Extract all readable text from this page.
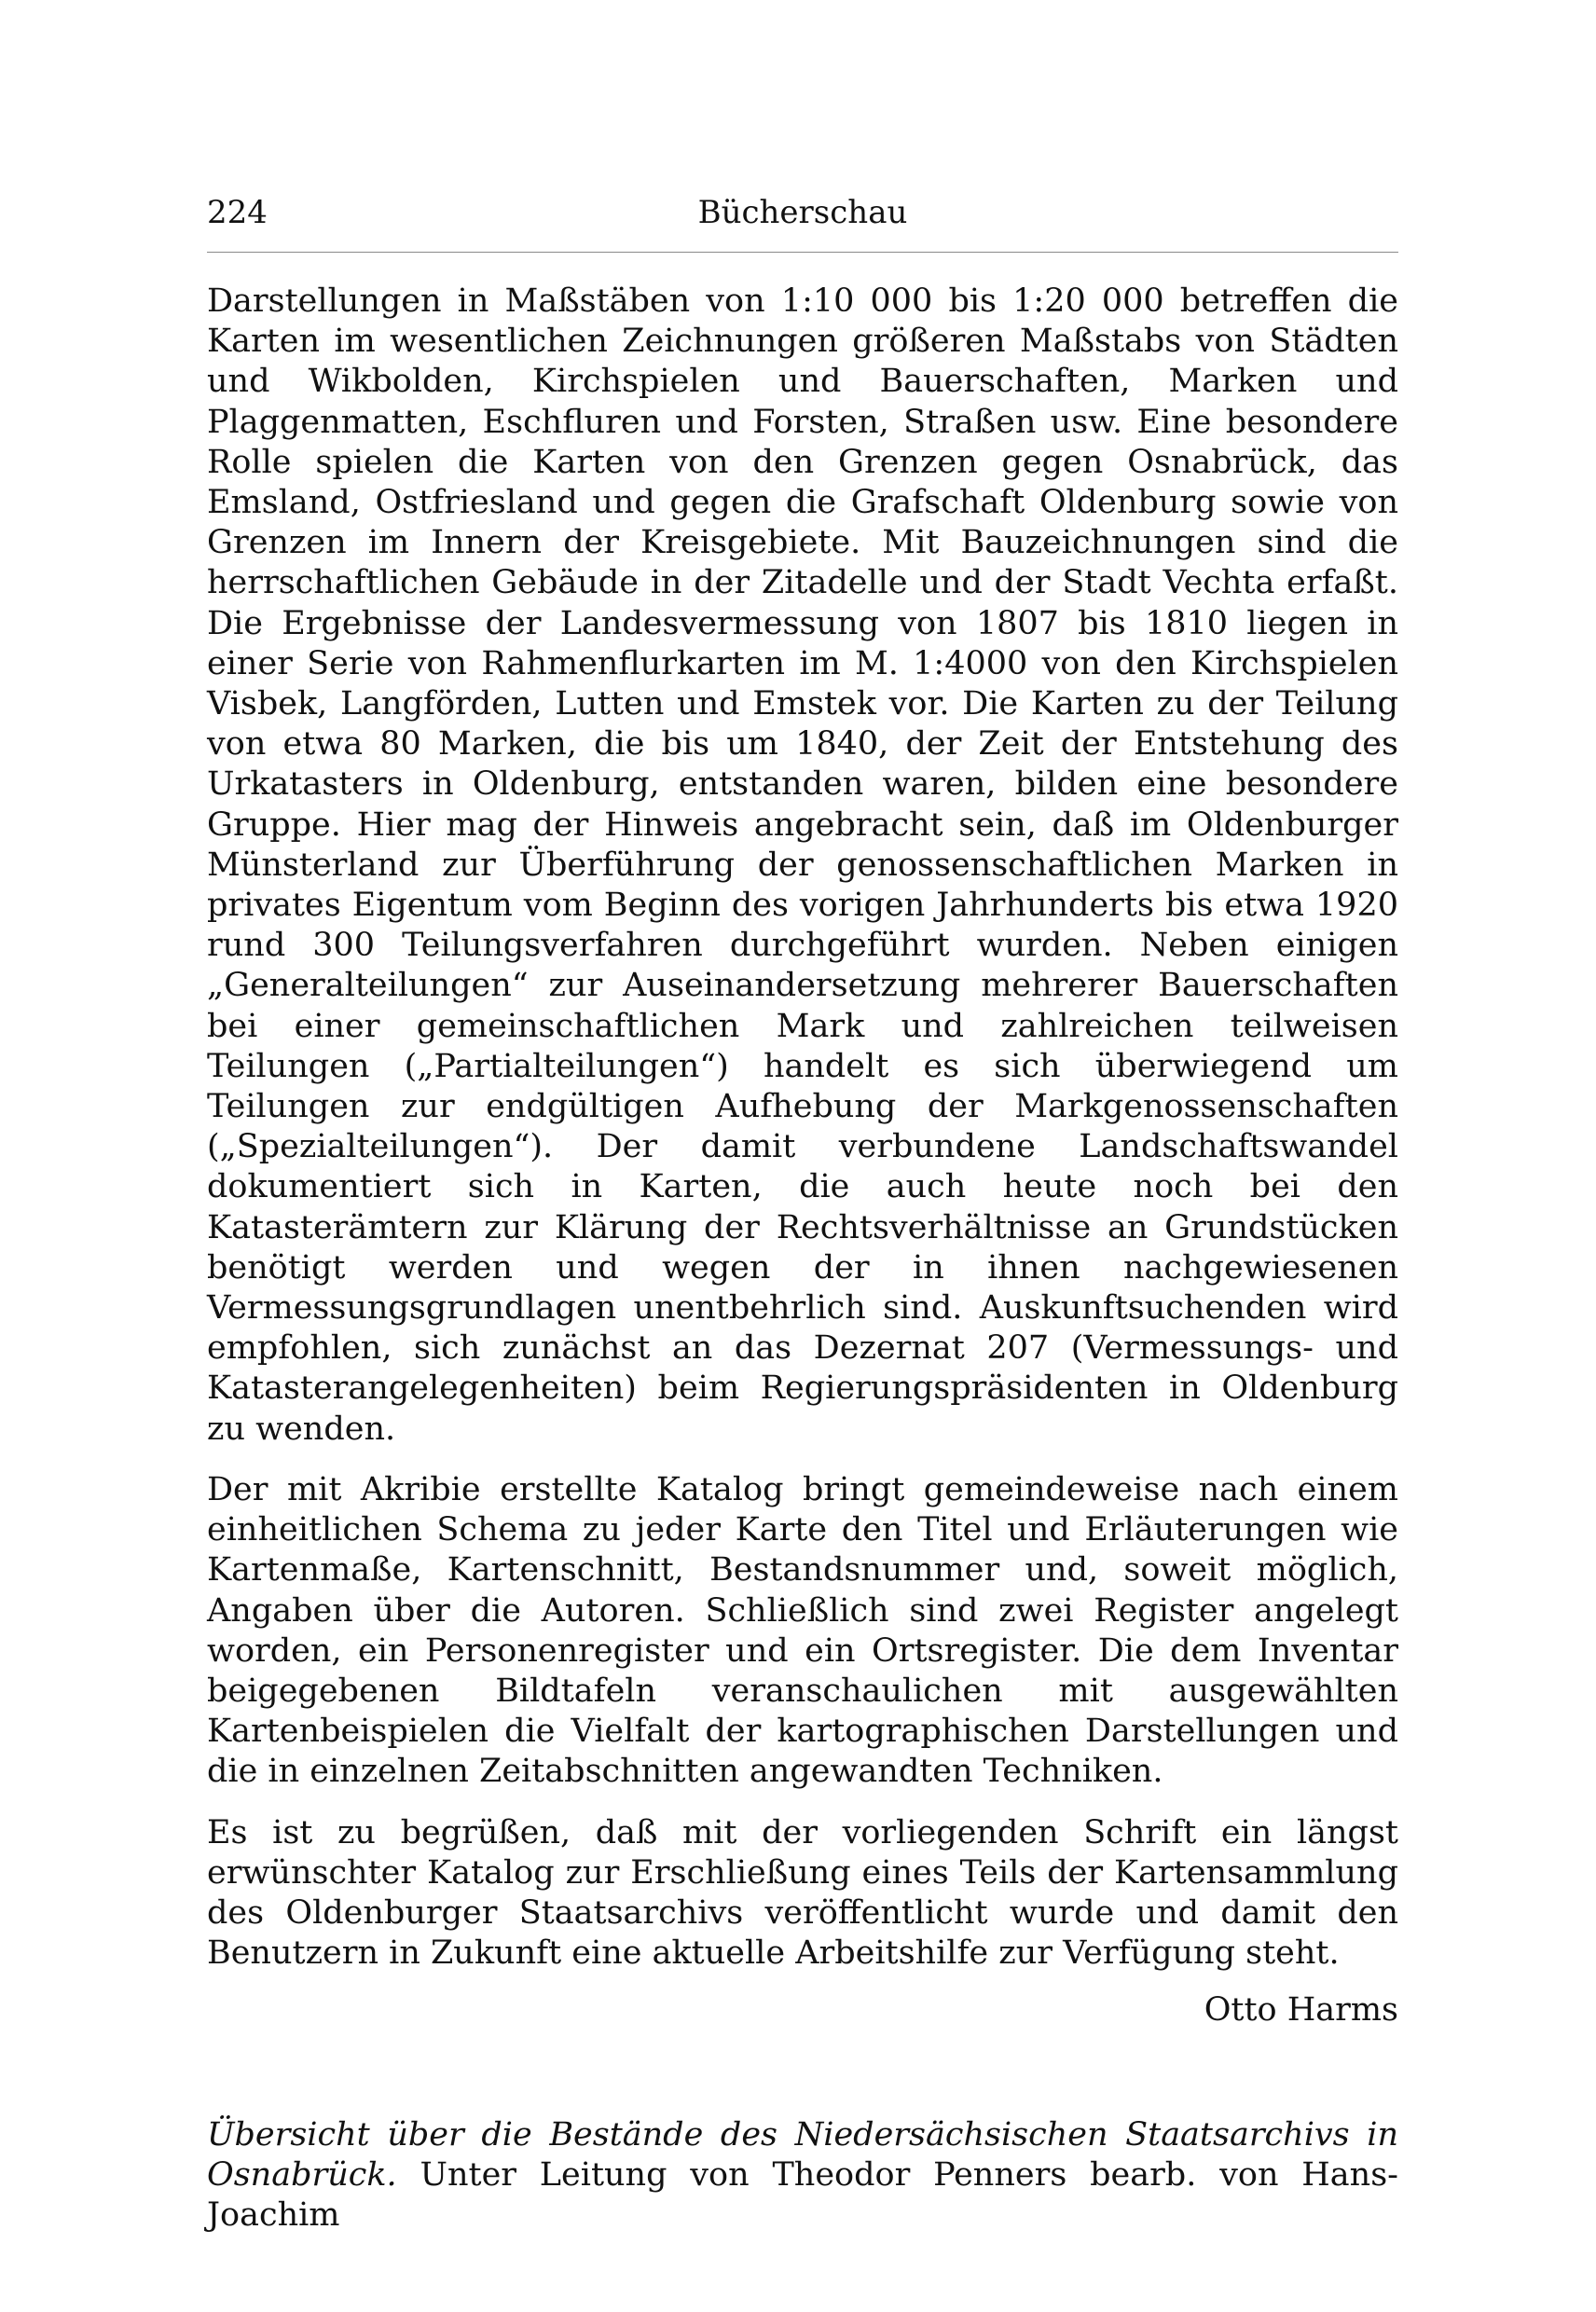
224	Bücherschau

Darstellungen in Maßstäben von 1:10 000 bis 1:20 000 betreffen die Karten im wesentlichen Zeichnungen größeren Maßstabs von Städten und Wikbolden, Kirchspielen und Bauerschaften, Marken und Plaggenmatten, Eschfluren und Forsten, Straßen usw. Eine besondere Rolle spielen die Karten von den Grenzen gegen Osnabrück, das Emsland, Ostfriesland und gegen die Grafschaft Oldenburg sowie von Grenzen im Innern der Kreisgebiete. Mit Bauzeichnungen sind die herrschaftlichen Gebäude in der Zitadelle und der Stadt Vechta erfaßt. Die Ergebnisse der Landesvermessung von 1807 bis 1810 liegen in einer Serie von Rahmenflurkarten im M. 1:4000 von den Kirchspielen Visbek, Langförden, Lutten und Emstek vor. Die Karten zu der Teilung von etwa 80 Marken, die bis um 1840, der Zeit der Entstehung des Urkatasters in Oldenburg, entstanden waren, bilden eine besondere Gruppe. Hier mag der Hinweis angebracht sein, daß im Oldenburger Münsterland zur Überführung der genossenschaftlichen Marken in privates Eigentum vom Beginn des vorigen Jahrhunderts bis etwa 1920 rund 300 Teilungsverfahren durchgeführt wurden. Neben einigen „Generalteilungen“ zur Auseinandersetzung mehrerer Bauerschaften bei einer gemeinschaftlichen Mark und zahlreichen teilweisen Teilungen („Partialteilungen“) handelt es sich überwiegend um Teilungen zur endgültigen Aufhebung der Markgenossenschaften („Spezialteilungen“). Der damit verbundene Landschaftswandel dokumentiert sich in Karten, die auch heute noch bei den Katasterämtern zur Klärung der Rechtsverhältnisse an Grundstücken benötigt werden und wegen der in ihnen nachgewiesenen Vermessungsgrundlagen unentbehrlich sind. Auskunftsuchenden wird empfohlen, sich zunächst an das Dezernat 207 (Vermessungs- und Katasterangelegenheiten) beim Regierungspräsidenten in Oldenburg zu wenden.

Der mit Akribie erstellte Katalog bringt gemeindeweise nach einem einheitlichen Schema zu jeder Karte den Titel und Erläuterungen wie Kartenmaße, Kartenschnitt, Bestandsnummer und, soweit möglich, Angaben über die Autoren. Schließlich sind zwei Register angelegt worden, ein Personenregister und ein Ortsregister. Die dem Inventar beigegebenen Bildtafeln veranschaulichen mit ausgewählten Kartenbeispielen die Vielfalt der kartographischen Darstellungen und die in einzelnen Zeitabschnitten angewandten Techniken.

Es ist zu begrüßen, daß mit der vorliegenden Schrift ein längst erwünschter Katalog zur Erschließung eines Teils der Kartensammlung des Oldenburger Staatsarchivs veröffentlicht wurde und damit den Benutzern in Zukunft eine aktuelle Arbeitshilfe zur Verfügung steht.

Otto Harms

Übersicht über die Bestände des Niedersächsischen Staatsarchivs in Osnabrück. Unter Leitung von Theodor Penners bearb. von Hans-Joachim
